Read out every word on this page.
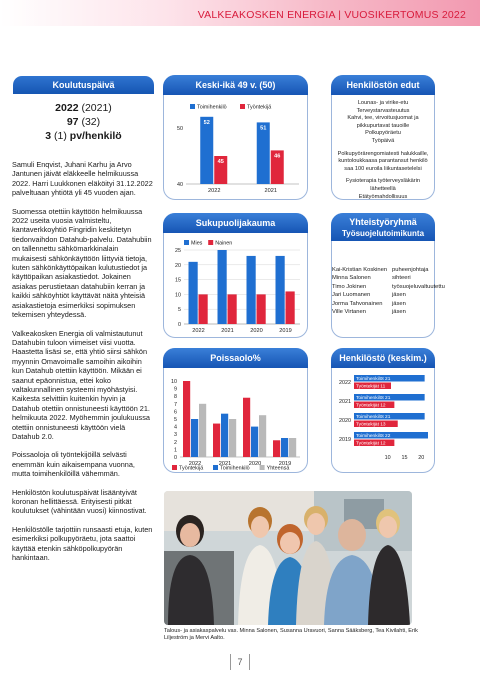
VALKEAKOSKEN ENERGIA | VUOSIKERTOMUS 2022
Koulutuspäivä
2022 (2021)
97 (32)
3 (1) pv/henkilö

Samuli Enqvist, Juhani Karhu ja Arvo Jantunen jäivät eläkkeelle helmikuussa 2022. Harri Luukkonen eläköityi 31.12.2022 palveltuaan yhtiötä yli 45 vuoden ajan.

Suomessa otettiin käyttöön helmikuussa 2022 useita vuosia valmisteltu, kantaverkkoyhtiö Fingridin keskitetyn tiedonvaihdon Datahub-palvelu. Datahubiin on tallennettu sähkömarkkinalain mukaisesti sähkönkäyttöön liittyviä tietoja, kuten sähkönkäyttöpaikan kulutustiedot ja käyttöpaikan asiakastiedot. Jokainen asiakas perustietaan datahubiin kerran ja kaikki sähköyhtiöt käyttävät näitä yhteisiä asiakastietoja esimerkiksi sopimuksen tekemisen yhteydessä.

Valkeakosken Energia oli valmistautunut Datahubin tuloon viimeiset viisi vuotta. Haastetta lisäsi se, että yhtiö siirsi sähkön myynnin Omavoimalle samoihin aikoihin kun Datahub otettiin käyttöön. Mikään ei saanut epäonnistua, ettei koko valtakunnallinen systeemi myöhästyisi. Kaikesta selvittiin kuitenkin hyvin ja Datahub otettiin onnistuneesti käyttöön 21. helmikuuta 2022. Myöhemmin joulukuussa otettiin onnistuneesti käyttöön vielä Datahub 2.0.

Poissaoloja oli työntekijöillä selvästi enemmän kuin aikaisempana vuonna, mutta toimihenkilöillä vähemmän.

Henkilöstön koulutuspäivät lisääntyivät koronan hellittäessä. Erityisesti pitkät koulutukset (vähintään vuosi) kiinnostivat.

Henkilöstölle tarjottiin runsaasti etuja, kuten esimerkiksi polkupyöräetu, jota saattoi käyttää etenkin sähköpolkupyörän hankintaan.

Keski-ikä 49 v. (50)
Toimihenkilö	Työntekijä
40
50
52
45
2022
51
46
2021
Henkilöstön edut
Lounas- ja virike-etu
Terveystarvasteuutus
Kahvi, tee, virvoitusjuomat ja pikkupurtavat tauoille
Polkupyöräetu
Työpäivä
Polkupyörärengomiatesti halukkaille, kuntoloukkaasa parantansut henkilö saa 100 euroila liikuntasetelelsi
Fysioterapia työterveysläkärin lähetteellä
Etätyömahdollisuus
Sukupuolijakauma
Mies Nainen
0
5
10
15
20
25
2022	2021	2020	2019
Yhteistyöryhmä
Työsuojelutoimikunta
Kai-Kristian Koskinen puheenjohtaja
Minna Salonen	sihteeri
Timo Jokinen	työsuojeluvaltuutettu
Jari Luomanen	jäsen
Jorma Tahvonainen	jäsen
Ville Virtanen	jäsen
Poissaolo%
Työntekijä	Toimihenkilö	Yhteensä
0
1
2
3
4
5
6
7
8
9
10
2022	2021	2020	2019
Henkilöstö (keskim.)
2022
Toimihenkilöt 21
Työntekijät 11
2021
Toimihenkilöt 21
Työntekijät 12
2020
Toimihenkilöt 21
Työntekijät 13
2019
Toimihenkilöt 22
Työntekijät 12
10 15 20
Talous- ja asiakaspalvelu vas. Minna Salonen, Susanna Uravuori, Sanna Sääksberg, Tea Kivilahti, Erik Liljeström ja Mervi Aalto.
7
